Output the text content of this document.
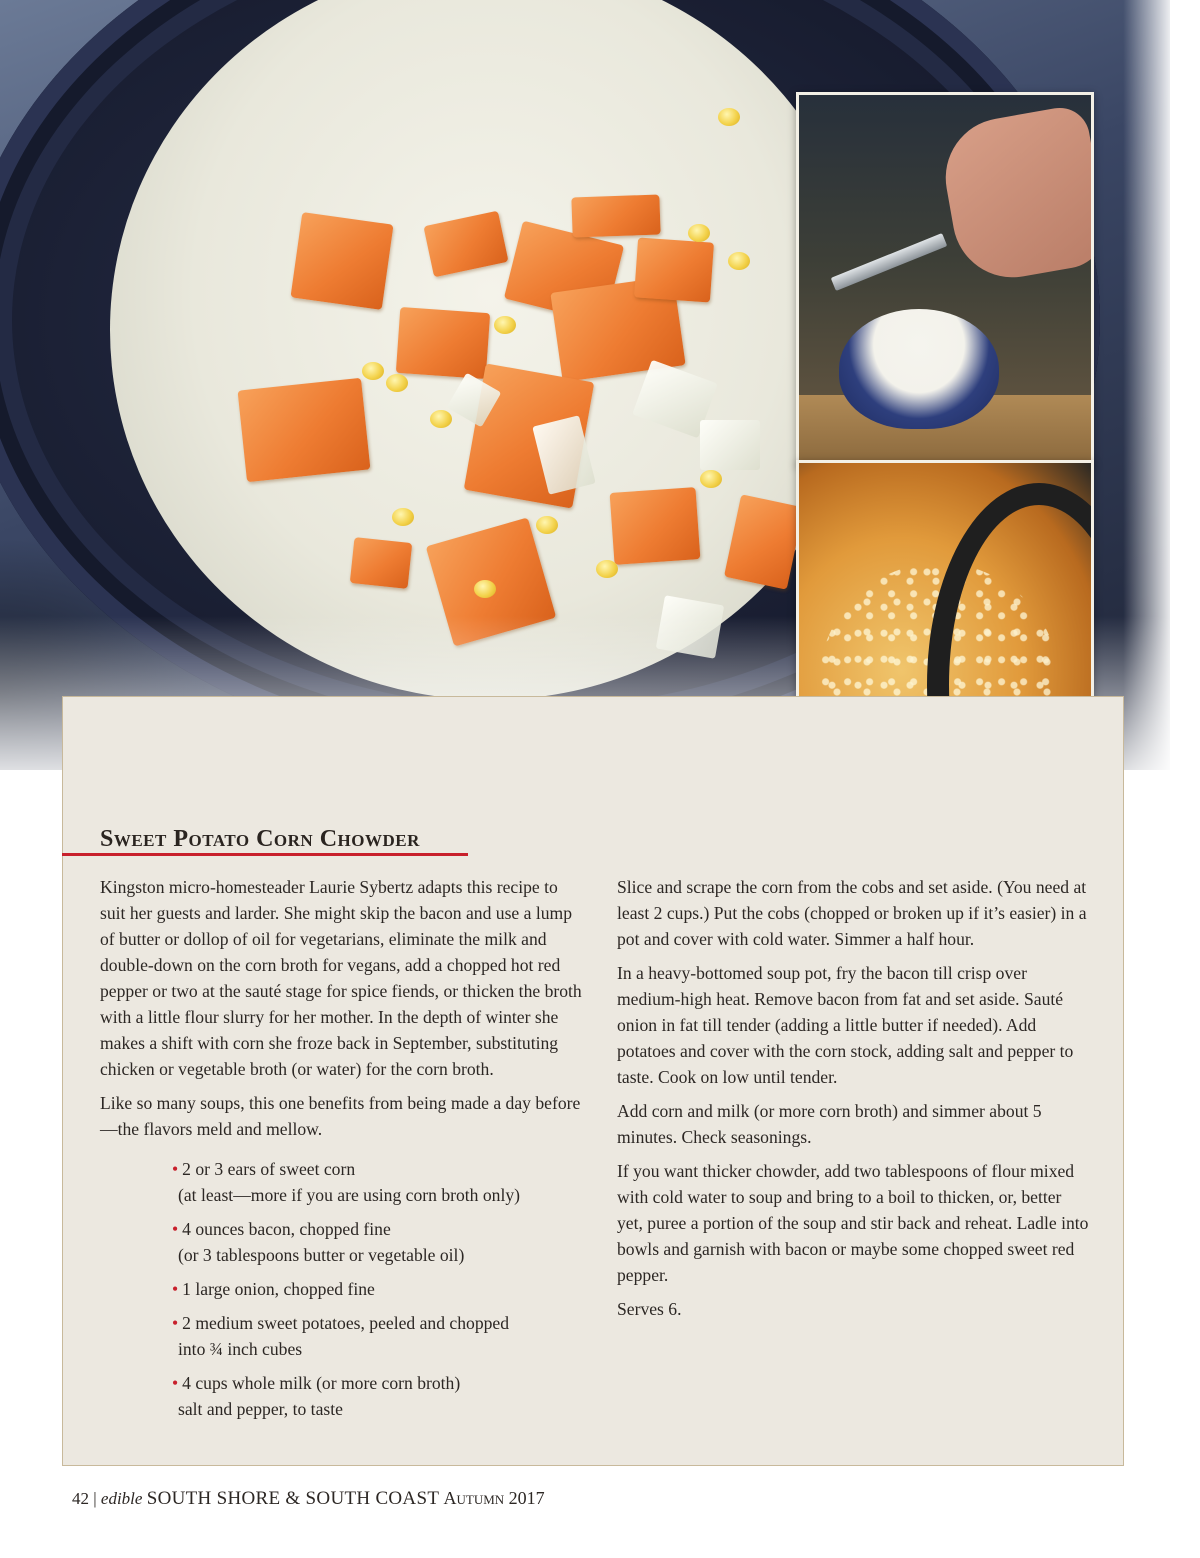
Sweet Potato Corn Chowder

Kingston micro-homesteader Laurie Sybertz adapts this recipe to suit her guests and larder. She might skip the bacon and use a lump of butter or dollop of oil for vegetarians, eliminate the milk and double-down on the corn broth for vegans, add a chopped hot red pepper or two at the sauté stage for spice fiends, or thicken the broth with a little flour slurry for her mother. In the depth of winter she makes a shift with corn she froze back in September, substituting chicken or vegetable broth (or water) for the corn broth.

Like so many soups, this one benefits from being made a day before—the flavors meld and mellow.

• 2 or 3 ears of sweet corn
(at least—more if you are using corn broth only)
• 4 ounces bacon, chopped fine
(or 3 tablespoons butter or vegetable oil)
• 1 large onion, chopped fine
• 2 medium sweet potatoes, peeled and chopped
into ¾ inch cubes
• 4 cups whole milk (or more corn broth)
salt and pepper, to taste

Slice and scrape the corn from the cobs and set aside. (You need at least 2 cups.) Put the cobs (chopped or broken up if it’s easier) in a pot and cover with cold water. Simmer a half hour.

In a heavy-bottomed soup pot, fry the bacon till crisp over medium-high heat. Remove bacon from fat and set aside. Sauté onion in fat till tender (adding a little butter if needed). Add potatoes and cover with the corn stock, adding salt and pepper to taste. Cook on low until tender.

Add corn and milk (or more corn broth) and simmer about 5 minutes. Check seasonings.

If you want thicker chowder, add two tablespoons of flour mixed with cold water to soup and bring to a boil to thicken, or, better yet, puree a portion of the soup and stir back and reheat. Ladle into bowls and garnish with bacon or maybe some chopped sweet red pepper.

Serves 6.

42 | edible SOUTH SHORE & SOUTH COAST Autumn 2017
